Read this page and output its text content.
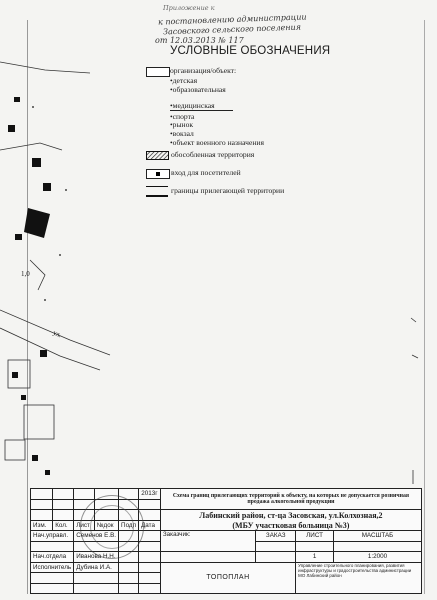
1,0
ул.
Приложение к
к постановлению администрации
Засовского сельского поселения
от 12.03.2013 № 117
УСЛОВНЫЕ ОБОЗНАЧЕНИЯ
организация/объект:
•детская
•образовательная
•медицинская
•спорта
•рынок
•вокзал
•объект военного назначения
обособленная территория
вход для посетителей
границы прилегающей территории
					2013г	Схема границ прилегающих территорий к объекту, на которых не допускается розничная продажа алкогольной продукции			

						Лабинский район, ст-ца Засовская, ул.Колхозная,2			
Изм.	Кол.	Лист	№док	Подп	Дата	(МБУ участковая больница №3)			
Нач.управл.		Семенов Е.В.				Заказчик:	ЗАКАЗ	ЛИСТ	МАСШТАБ

Нач.отдела		Иванова Н.Н.						1	1:2000
Исполнитель		Дубина И.А.				ТОПОПЛАН		Управление строительного планирования, развития инфраструктуры и градостроительства администрации МО Лабинский район	
